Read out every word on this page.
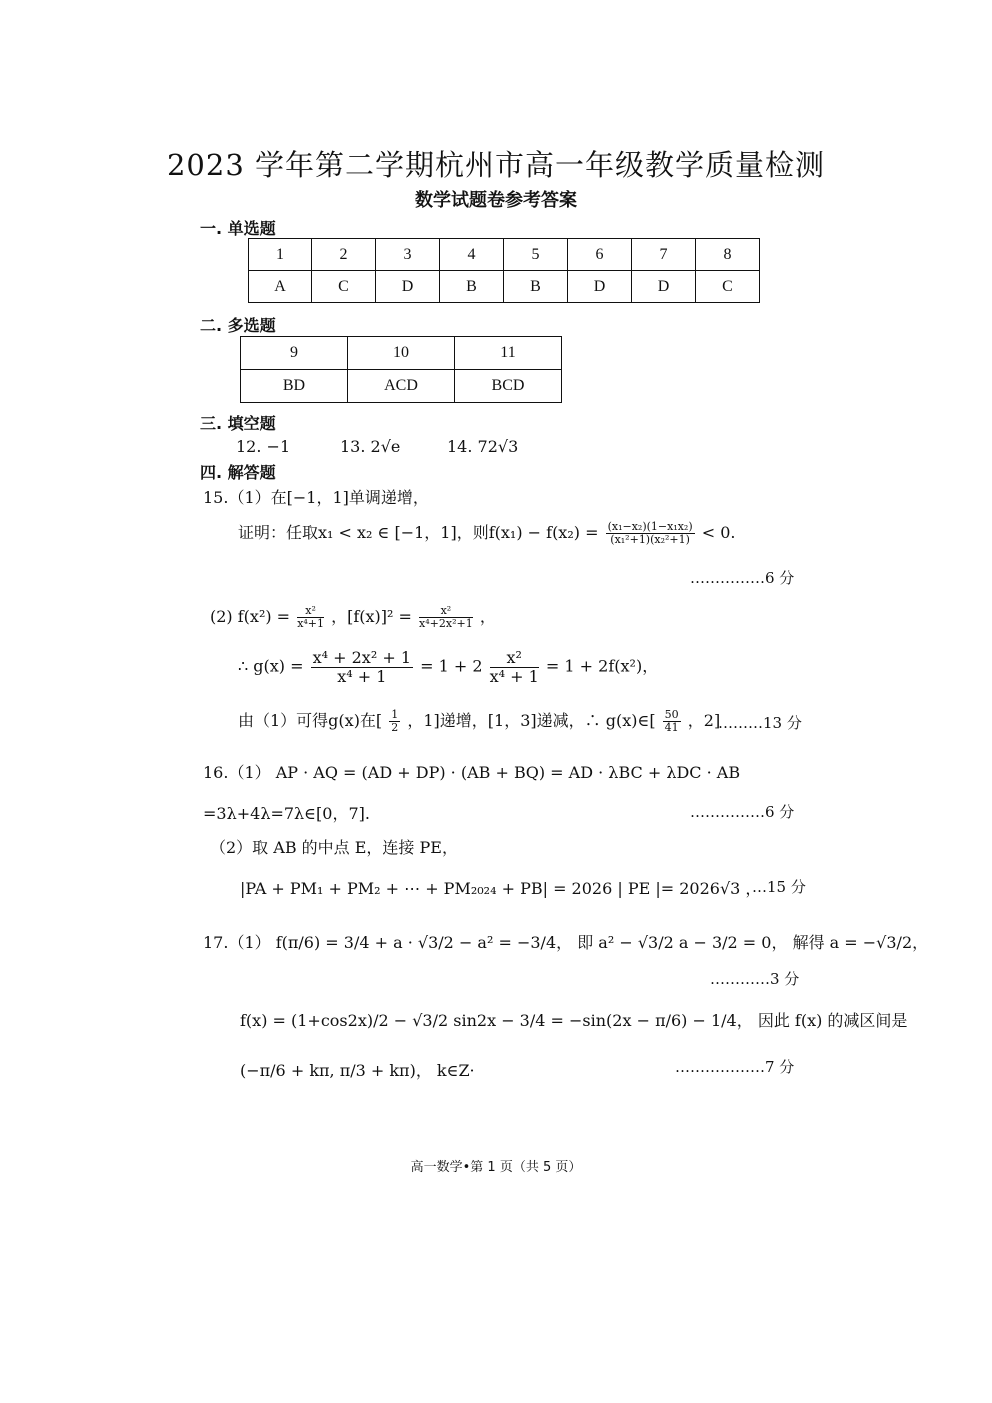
2023 学年第二学期杭州市高一年级教学质量检测
数学试题卷参考答案
一. 单选题
1	2	3	4	5	6	7	8
A	C	D	B	B	D	D	C
二. 多选题
9	10	11
BD	ACD	BCD
三. 填空题
12. −1	13. 2√e	14. 72√3
四. 解答题
15.（1）在[−1，1]单调递增，
证明：任取x₁ < x₂ ∈ [−1，1]，则$f(x_1) - f(x_2) = \frac{\text{(x₁−x₂)(1−x₁x₂)}}{\text{(x₁²+1)(x₂²+1)}} < 0$.
……………6 分
(2) $f(x^2) = \frac{\text{x²}}{\text{x⁴+1}}$ ，$[f(x)]^2 = \frac{\text{x²}}{\text{x⁴+2x²+1}}$ ，
∴ $g(x) = \frac{\text{x⁴ + 2x² + 1}}{\text{x⁴ + 1}} = 1 + 2 \frac{\text{x²}}{\text{x⁴ + 1}} = 1 + 2f(x^2)$，
由（1）可得g(x)在[ $\frac{1}{2}$ ，1]递增，[1，3]递减，∴ g(x)∈[ $\frac{50}{41}$ ，2]
………13 分
16.（1） AP · AQ = (AD + DP) · (AB + BQ) = AD · λBC + λDC · AB
=3λ+4λ=7λ∈[0，7].	……………6 分
（2）取 AB 的中点 E，连接 PE，
|PA + PM₁ + PM₂ + ⋯ + PM₂₀₂₄ + PB| = 2026 | PE |= 2026√3 ，
…15 分
17.（1） f(π/6) = 3/4 + a · √3/2 − a² = −3/4， 即 a² − √3/2 a − 3/2 = 0， 解得 a = −√3/2，
…………3 分
f(x) = (1+cos2x)/2 − √3/2 sin2x − 3/4 = −sin(2x − π/6) − 1/4， 因此 f(x) 的减区间是
(−π/6 + kπ, π/3 + kπ)， k∈Z·	………………7 分
高一数学•第 1 页（共 5 页）
